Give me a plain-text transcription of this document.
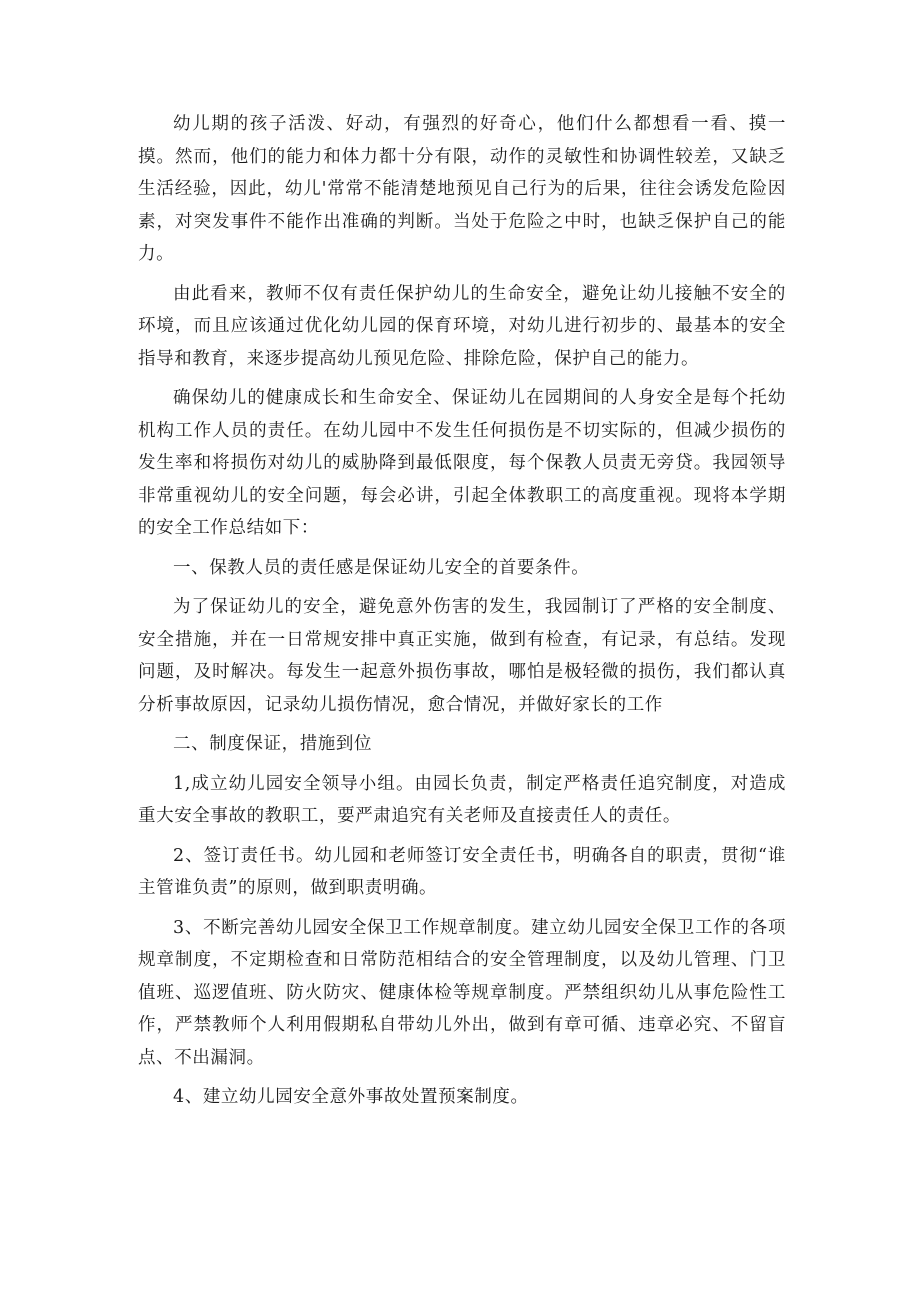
幼儿期的孩子活泼、好动，有强烈的好奇心，他们什么都想看一看、摸一摸。然而，他们的能力和体力都十分有限，动作的灵敏性和协调性较差，又缺乏生活经验，因此，幼儿'常常不能清楚地预见自己行为的后果，往往会诱发危险因素，对突发事件不能作出准确的判断。当处于危险之中时，也缺乏保护自己的能力。

由此看来，教师不仅有责任保护幼儿的生命安全，避免让幼儿接触不安全的环境，而且应该通过优化幼儿园的保育环境，对幼儿进行初步的、最基本的安全指导和教育，来逐步提高幼儿预见危险、排除危险，保护自己的能力。

确保幼儿的健康成长和生命安全、保证幼儿在园期间的人身安全是每个托幼机构工作人员的责任。在幼儿园中不发生任何损伤是不切实际的，但减少损伤的发生率和将损伤对幼儿的威胁降到最低限度，每个保教人员责无旁贷。我园领导非常重视幼儿的安全问题，每会必讲，引起全体教职工的高度重视。现将本学期的安全工作总结如下：

一、保教人员的责任感是保证幼儿安全的首要条件。

为了保证幼儿的安全，避免意外伤害的发生，我园制订了严格的安全制度、安全措施，并在一日常规安排中真正实施，做到有检查，有记录，有总结。发现问题，及时解决。每发生一起意外损伤事故，哪怕是极轻微的损伤，我们都认真分析事故原因，记录幼儿损伤情况，愈合情况，并做好家长的工作

二、制度保证，措施到位

1,成立幼儿园安全领导小组。由园长负责，制定严格责任追究制度，对造成重大安全事故的教职工，要严肃追究有关老师及直接责任人的责任。

2、签订责任书。幼儿园和老师签订安全责任书，明确各自的职责，贯彻“谁主管谁负责”的原则，做到职责明确。

3、不断完善幼儿园安全保卫工作规章制度。建立幼儿园安全保卫工作的各项规章制度，不定期检查和日常防范相结合的安全管理制度，以及幼儿管理、门卫值班、巡逻值班、防火防灾、健康体检等规章制度。严禁组织幼儿从事危险性工作，严禁教师个人利用假期私自带幼儿外出，做到有章可循、违章必究、不留盲点、不出漏洞。

4、建立幼儿园安全意外事故处置预案制度。
